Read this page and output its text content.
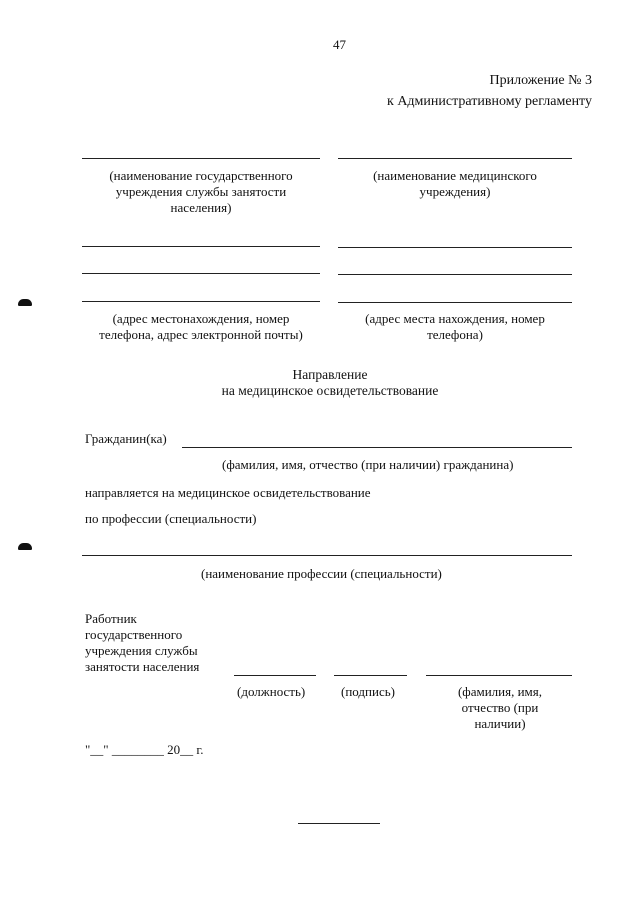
47
Приложение № 3
к Административному регламенту
(наименование государственного
учреждения службы занятости
населения)
(наименование медицинского
учреждения)
(адрес местонахождения, номер
телефона, адрес электронной почты)
(адрес места нахождения, номер
телефона)
Направление
на медицинское освидетельствование
Гражданин(ка)
(фамилия, имя, отчество (при наличии) гражданина)
направляется на медицинское освидетельствование
по профессии (специальности)
(наименование профессии (специальности)
Работник
государственного
учреждения службы
занятости населения
(должность)	(подпись)	(фамилия, имя,
отчество (при
наличии)
"__" ________ 20__ г.
